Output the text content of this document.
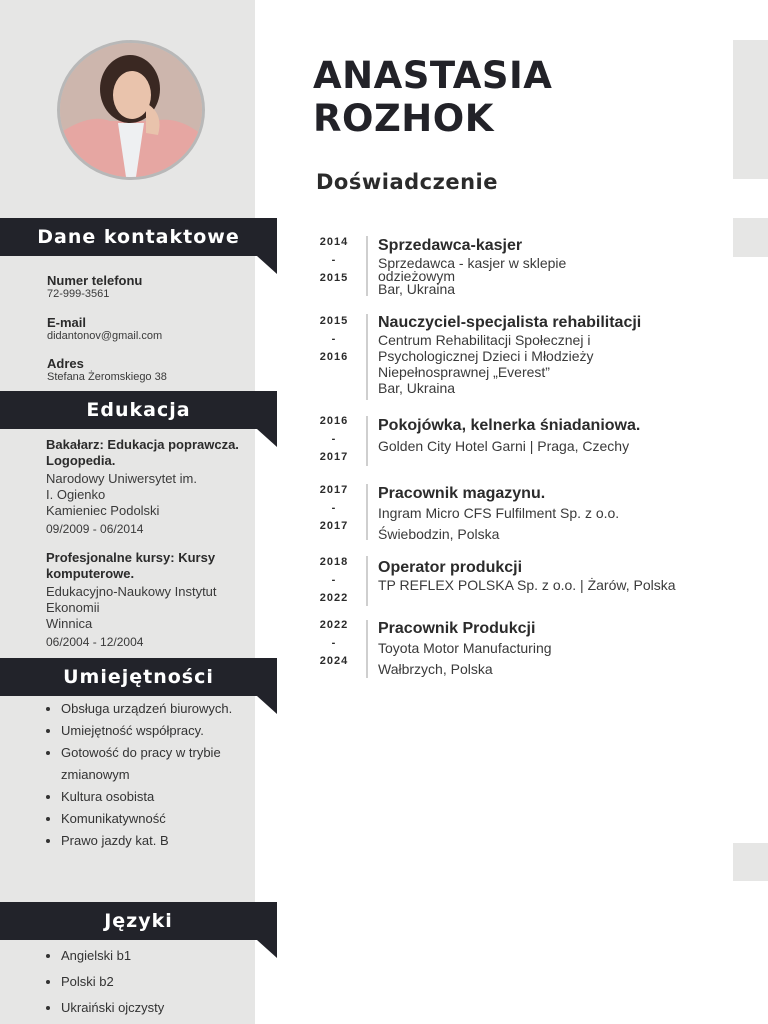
Dane kontaktowe
Numer telefonu
72-999-3561
E-mail
didantonov@gmail.com
Adres
Stefana Żeromskiego 38
Edukacja
Bakałarz: Edukacja poprawcza. Logopedia.
Narodowy Uniwersytet im.
I. Ogienko
Kamieniec Podolski
09/2009 - 06/2014
Profesjonalne kursy: Kursy komputerowe.
Edukacyjno-Naukowy Instytut
Ekonomii
Winnica
06/2004 - 12/2004
Umiejętności
• Obsługa urządzeń biurowych.
• Umiejętność współpracy.
• Gotowość do pracy w trybie zmianowym
• Kultura osobista
• Komunikatywność
• Prawo jazdy kat. B
Języki
• Angielski b1
• Polski b2
• Ukraiński ojczysty
ANASTASIA
ROZHOK
Doświadczenie
2014
-
2015
Sprzedawca-kasjer
Sprzedawca - kasjer w sklepie
odzieżowym
Bar, Ukraina
2015
-
2016
Nauczyciel-specjalista rehabilitacji
Centrum Rehabilitacji Społecznej i
Psychologicznej Dzieci i Młodzieży
Niepełnosprawnej „Everest”
Bar, Ukraina
2016
-
2017
Pokojówka, kelnerka śniadaniowa.
Golden City Hotel Garni | Praga, Czechy
2017
-
2017
Pracownik magazynu.
Ingram Micro CFS Fulfilment Sp. z o.o.
Świebodzin, Polska
2018
-
2022
Operator produkcji
TP REFLEX POLSKA Sp. z o.o. | Żarów, Polska
2022
-
2024
Pracownik Produkcji
Toyota Motor Manufacturing
Wałbrzych, Polska
